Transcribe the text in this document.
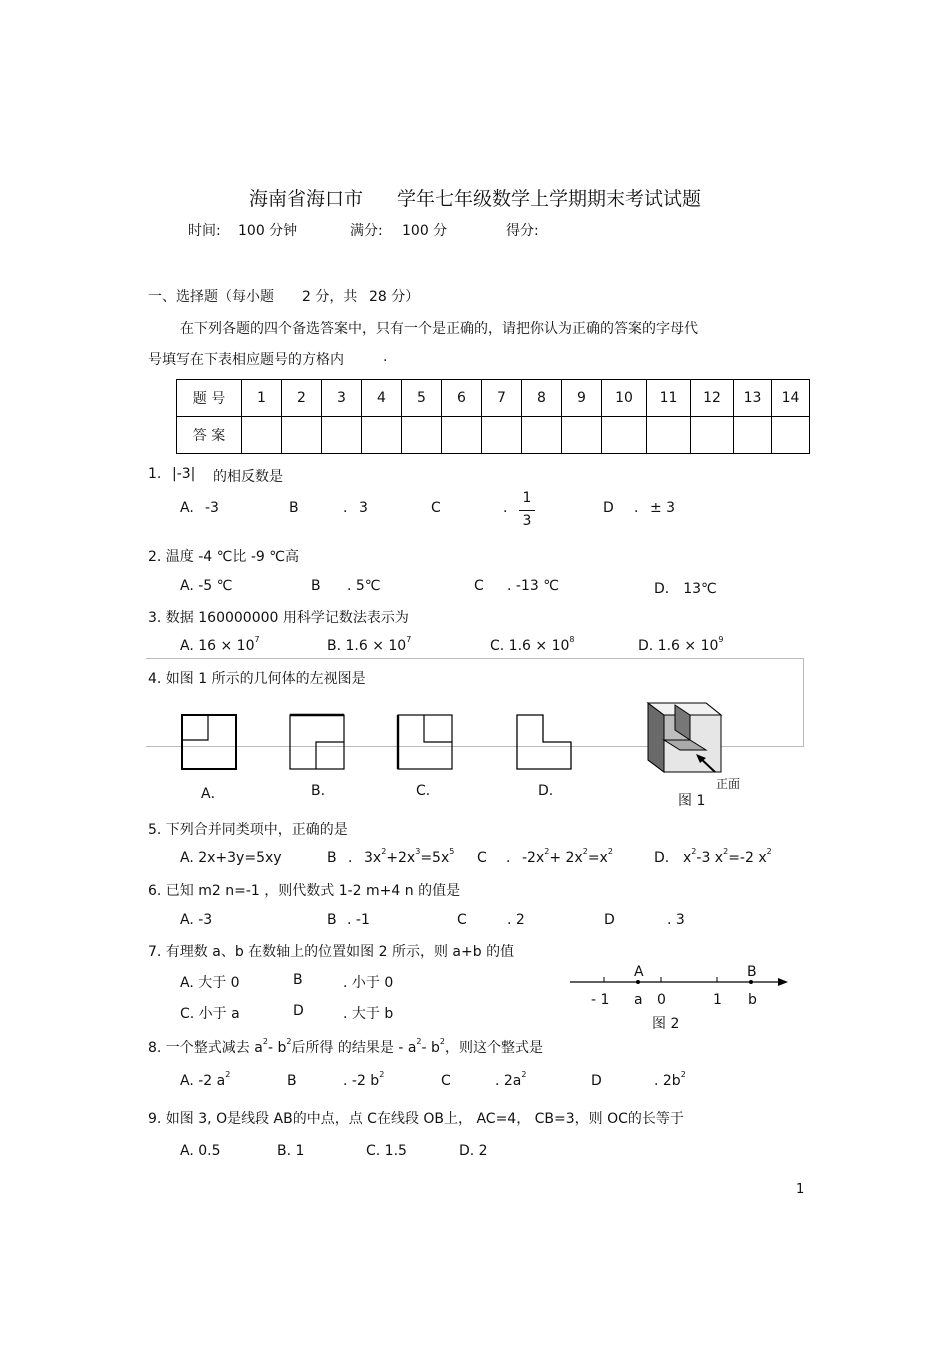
海南省海口市 学年七年级数学上学期期末考试试题
时间: 100 分钟	满分: 100 分	得分:
一、选择题（每小题 2 分，共 28 分）
在下列各题的四个备选答案中，只有一个是正确的，请把你认为正确的答案的字母代
号填写在下表相应题号的方格内	.
题 号	1	2	3	4	5	6	7	8	9	10	11	12	13	14
答 案														
1. |-3| 的相反数是
A. -3	B	. 3	C	.
1
3
D . ± 3
2. 温度 -4 ℃比 -9 ℃高
A. -5 ℃	B . 5℃	C . -13 ℃	D． 13℃
3. 数据 160000000 用科学记数法表示为
A. $16 \times 10^7$	B. $1.6 \times 10^7$	C. $1.6 \times 10^8$	D. $1.6 \times 10^9$
4. 如图 1 所示的几何体的左视图是
A．	B.	C.	D.
图 1
正面
5. 下列合并同类项中，正确的是
A. 2x+3y=5xy	B . $3x^2+2x^3=5x^5$ C . $-2x^2+ 2x^2=x^2$	D. $x^2-3$ $x^2=-2$ $x^2$
6. 已知 m2 n=-1 ，则代数式 1-2 m+4 n 的值是
A. -3	B . -1	C	. 2	D	. 3
7. 有理数 a、b 在数轴上的位置如图 2 所示，则 a+b 的值
A. 大于 0	B	. 小于 0
C. 小于 a	D	. 大于 b
A	B
- 1 a 0	1 b
图 2
8. 一个整式减去 $a^2-$ $b^2$后所得 的结果是 - $a^2-$ $b^2$，则这个整式是
A. -2 $a^2$	B	. -2 $b^2$	C	. $2a^2$	D	. $2b^2$
9. 如图 3, O是线段 AB的中点，点 C在线段 OB上， AC=4， CB=3，则 OC的长等于
A. 0.5	B. 1	C. 1.5	D. 2
1
